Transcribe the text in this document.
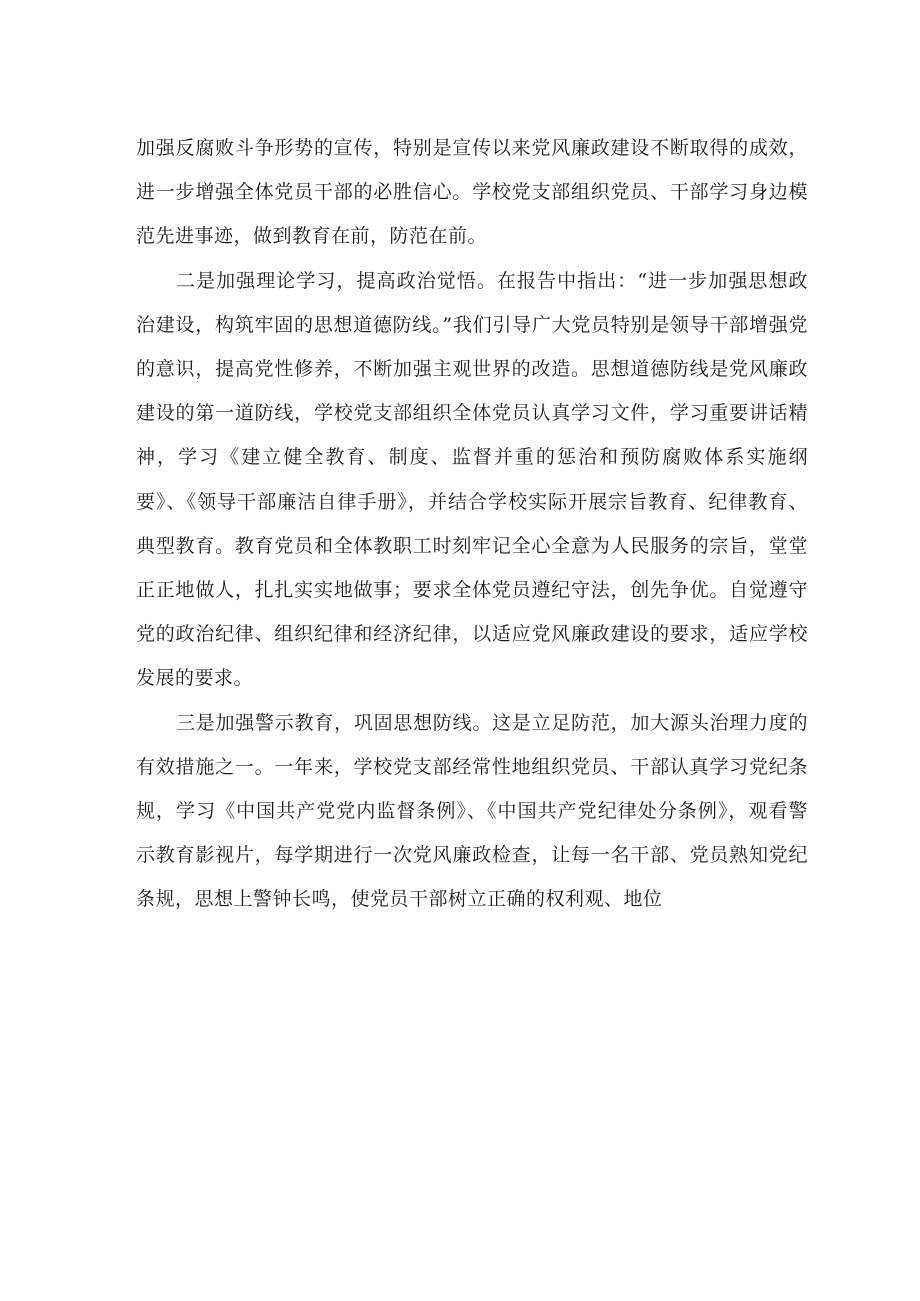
加强反腐败斗争形势的宣传，特别是宣传以来党风廉政建设不断取得的成效，进一步增强全体党员干部的必胜信心。学校党支部组织党员、干部学习身边模范先进事迹，做到教育在前，防范在前。

二是加强理论学习，提高政治觉悟。在报告中指出：“进一步加强思想政治建设，构筑牢固的思想道德防线。”我们引导广大党员特别是领导干部增强党的意识，提高党性修养，不断加强主观世界的改造。思想道德防线是党风廉政建设的第一道防线，学校党支部组织全体党员认真学习文件，学习重要讲话精神，学习《建立健全教育、制度、监督并重的惩治和预防腐败体系实施纲要》、《领导干部廉洁自律手册》，并结合学校实际开展宗旨教育、纪律教育、典型教育。教育党员和全体教职工时刻牢记全心全意为人民服务的宗旨，堂堂正正地做人，扎扎实实地做事；要求全体党员遵纪守法，创先争优。自觉遵守党的政治纪律、组织纪律和经济纪律，以适应党风廉政建设的要求，适应学校发展的要求。

三是加强警示教育，巩固思想防线。这是立足防范，加大源头治理力度的有效措施之一。一年来，学校党支部经常性地组织党员、干部认真学习党纪条规，学习《中国共产党党内监督条例》、《中国共产党纪律处分条例》，观看警示教育影视片，每学期进行一次党风廉政检查，让每一名干部、党员熟知党纪条规，思想上警钟长鸣，使党员干部树立正确的权利观、地位
